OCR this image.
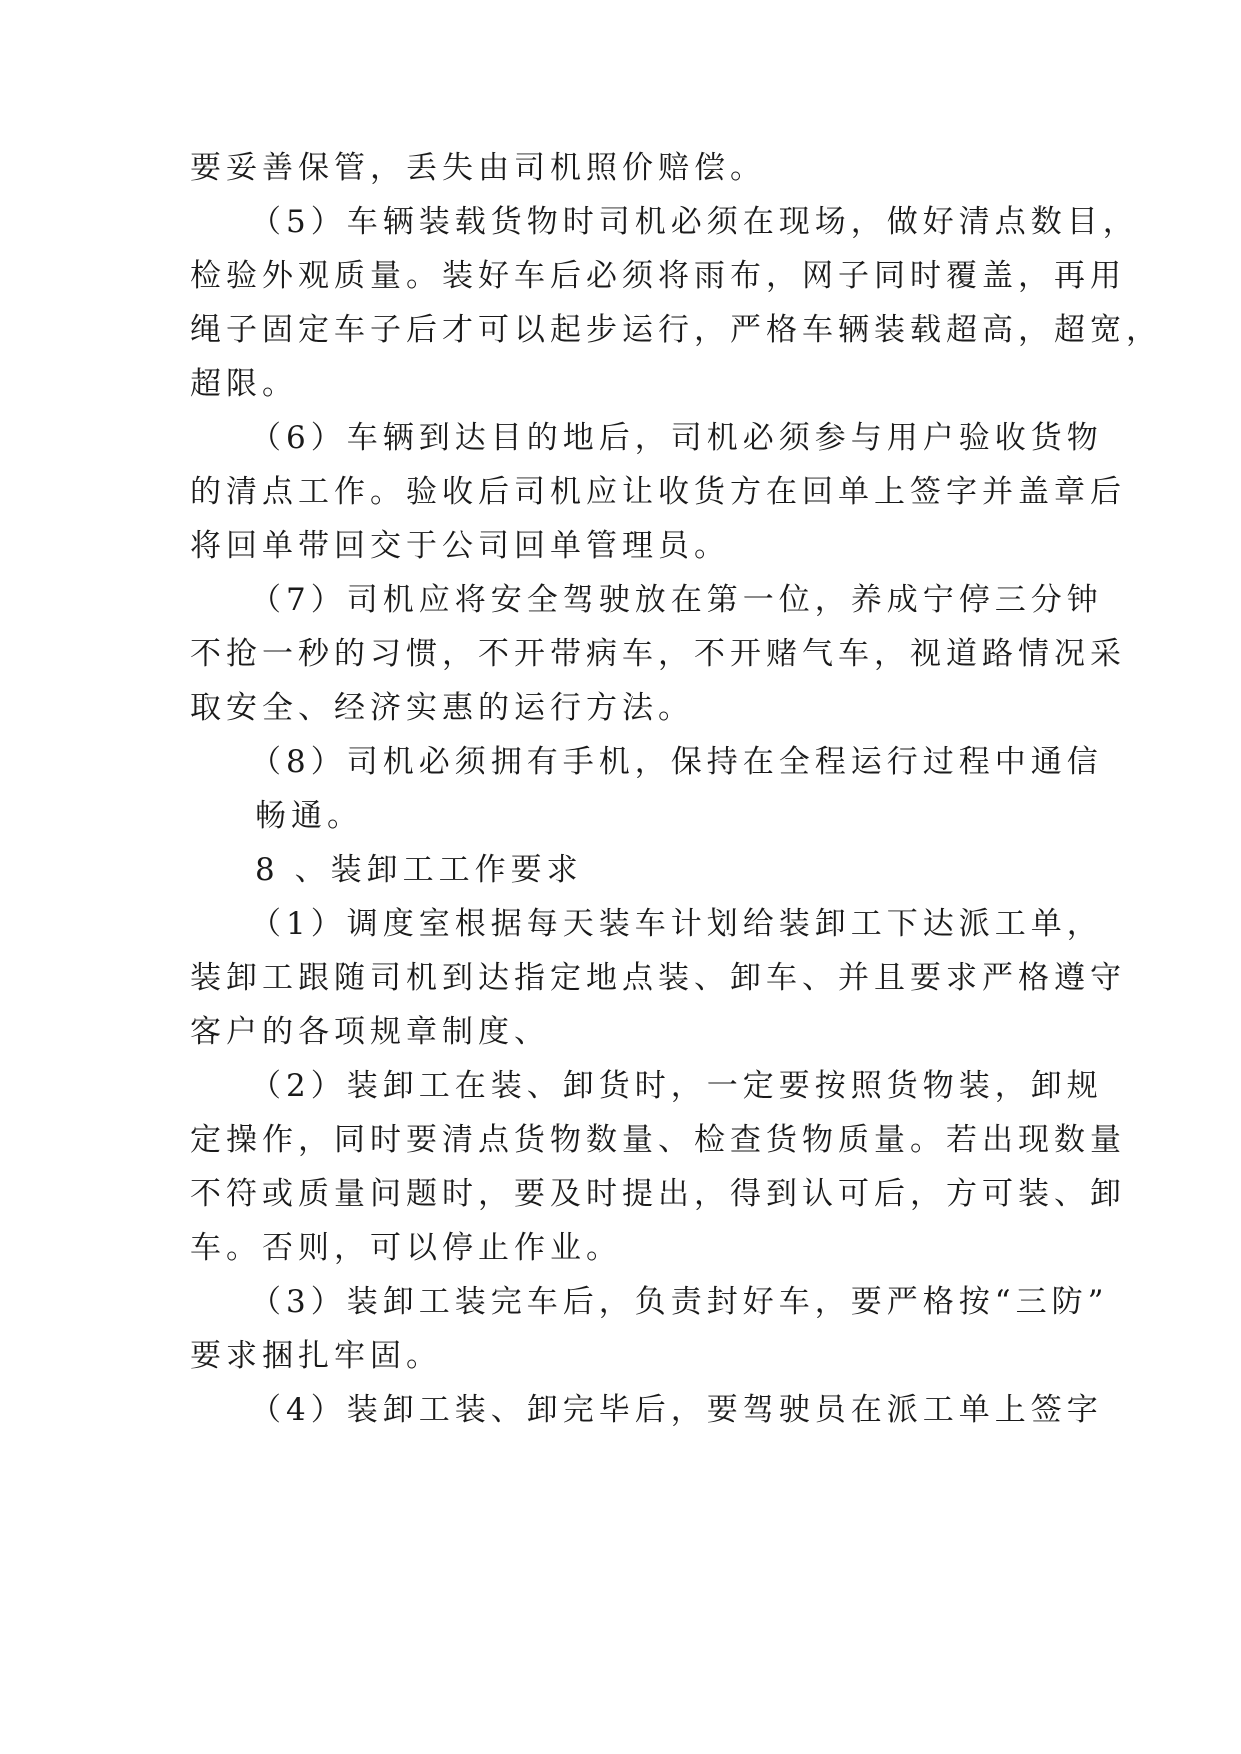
要妥善保管，丢失由司机照价赔偿。
（5）车辆装载货物时司机必须在现场，做好清点数目，
检验外观质量。装好车后必须将雨布，网子同时覆盖，再用
绳子固定车子后才可以起步运行，严格车辆装载超高，超宽，
超限。
（6）车辆到达目的地后，司机必须参与用户验收货物
的清点工作。验收后司机应让收货方在回单上签字并盖章后
将回单带回交于公司回单管理员。
（7）司机应将安全驾驶放在第一位，养成宁停三分钟
不抢一秒的习惯，不开带病车，不开赌气车，视道路情况采
取安全、经济实惠的运行方法。
（8）司机必须拥有手机，保持在全程运行过程中通信
畅通。
8 、装卸工工作要求
（1）调度室根据每天装车计划给装卸工下达派工单，
装卸工跟随司机到达指定地点装、卸车、并且要求严格遵守
客户的各项规章制度、
（2）装卸工在装、卸货时，一定要按照货物装，卸规
定操作，同时要清点货物数量、检查货物质量。若出现数量
不符或质量问题时，要及时提出，得到认可后，方可装、卸
车。否则，可以停止作业。
（3）装卸工装完车后，负责封好车，要严格按“三防”
要求捆扎牢固。
（4）装卸工装、卸完毕后，要驾驶员在派工单上签字
